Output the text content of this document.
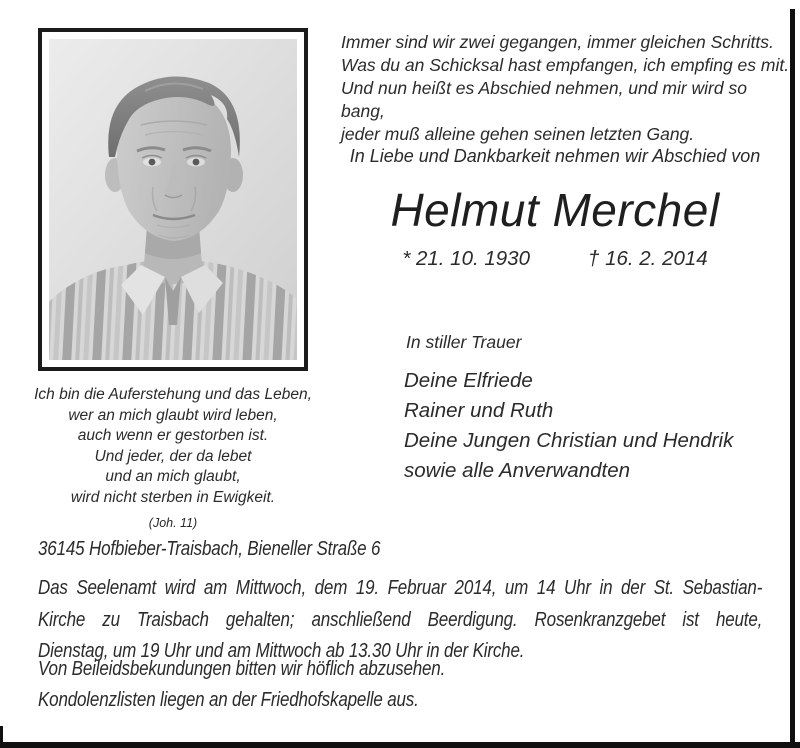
Immer sind wir zwei gegangen, immer gleichen Schritts.
Was du an Schicksal hast empfangen, ich empfing es mit.
Und nun heißt es Abschied nehmen, und mir wird so bang,
jeder muß alleine gehen seinen letzten Gang.
In Liebe und Dankbarkeit nehmen wir Abschied von
Helmut Merchel
* 21. 10. 1930	† 16. 2. 2014
In stiller Trauer
Deine Elfriede
Rainer und Ruth
Deine Jungen Christian und Hendrik
sowie alle Anverwandten
Ich bin die Auferstehung und das Leben,
wer an mich glaubt wird leben,
auch wenn er gestorben ist.
Und jeder, der da lebet
und an mich glaubt,
wird nicht sterben in Ewigkeit.
(Joh. 11)
36145 Hofbieber-Traisbach, Bieneller Straße 6
Das Seelenamt wird am Mittwoch, dem 19. Februar 2014, um 14 Uhr in der St. Sebastian-
Kirche zu Traisbach gehalten; anschließend Beerdigung. Rosenkranzgebet ist heute,
Dienstag, um 19 Uhr und am Mittwoch ab 13.30 Uhr in der Kirche.
Von Beileidsbekundungen bitten wir höflich abzusehen.
Kondolenzlisten liegen an der Friedhofskapelle aus.
